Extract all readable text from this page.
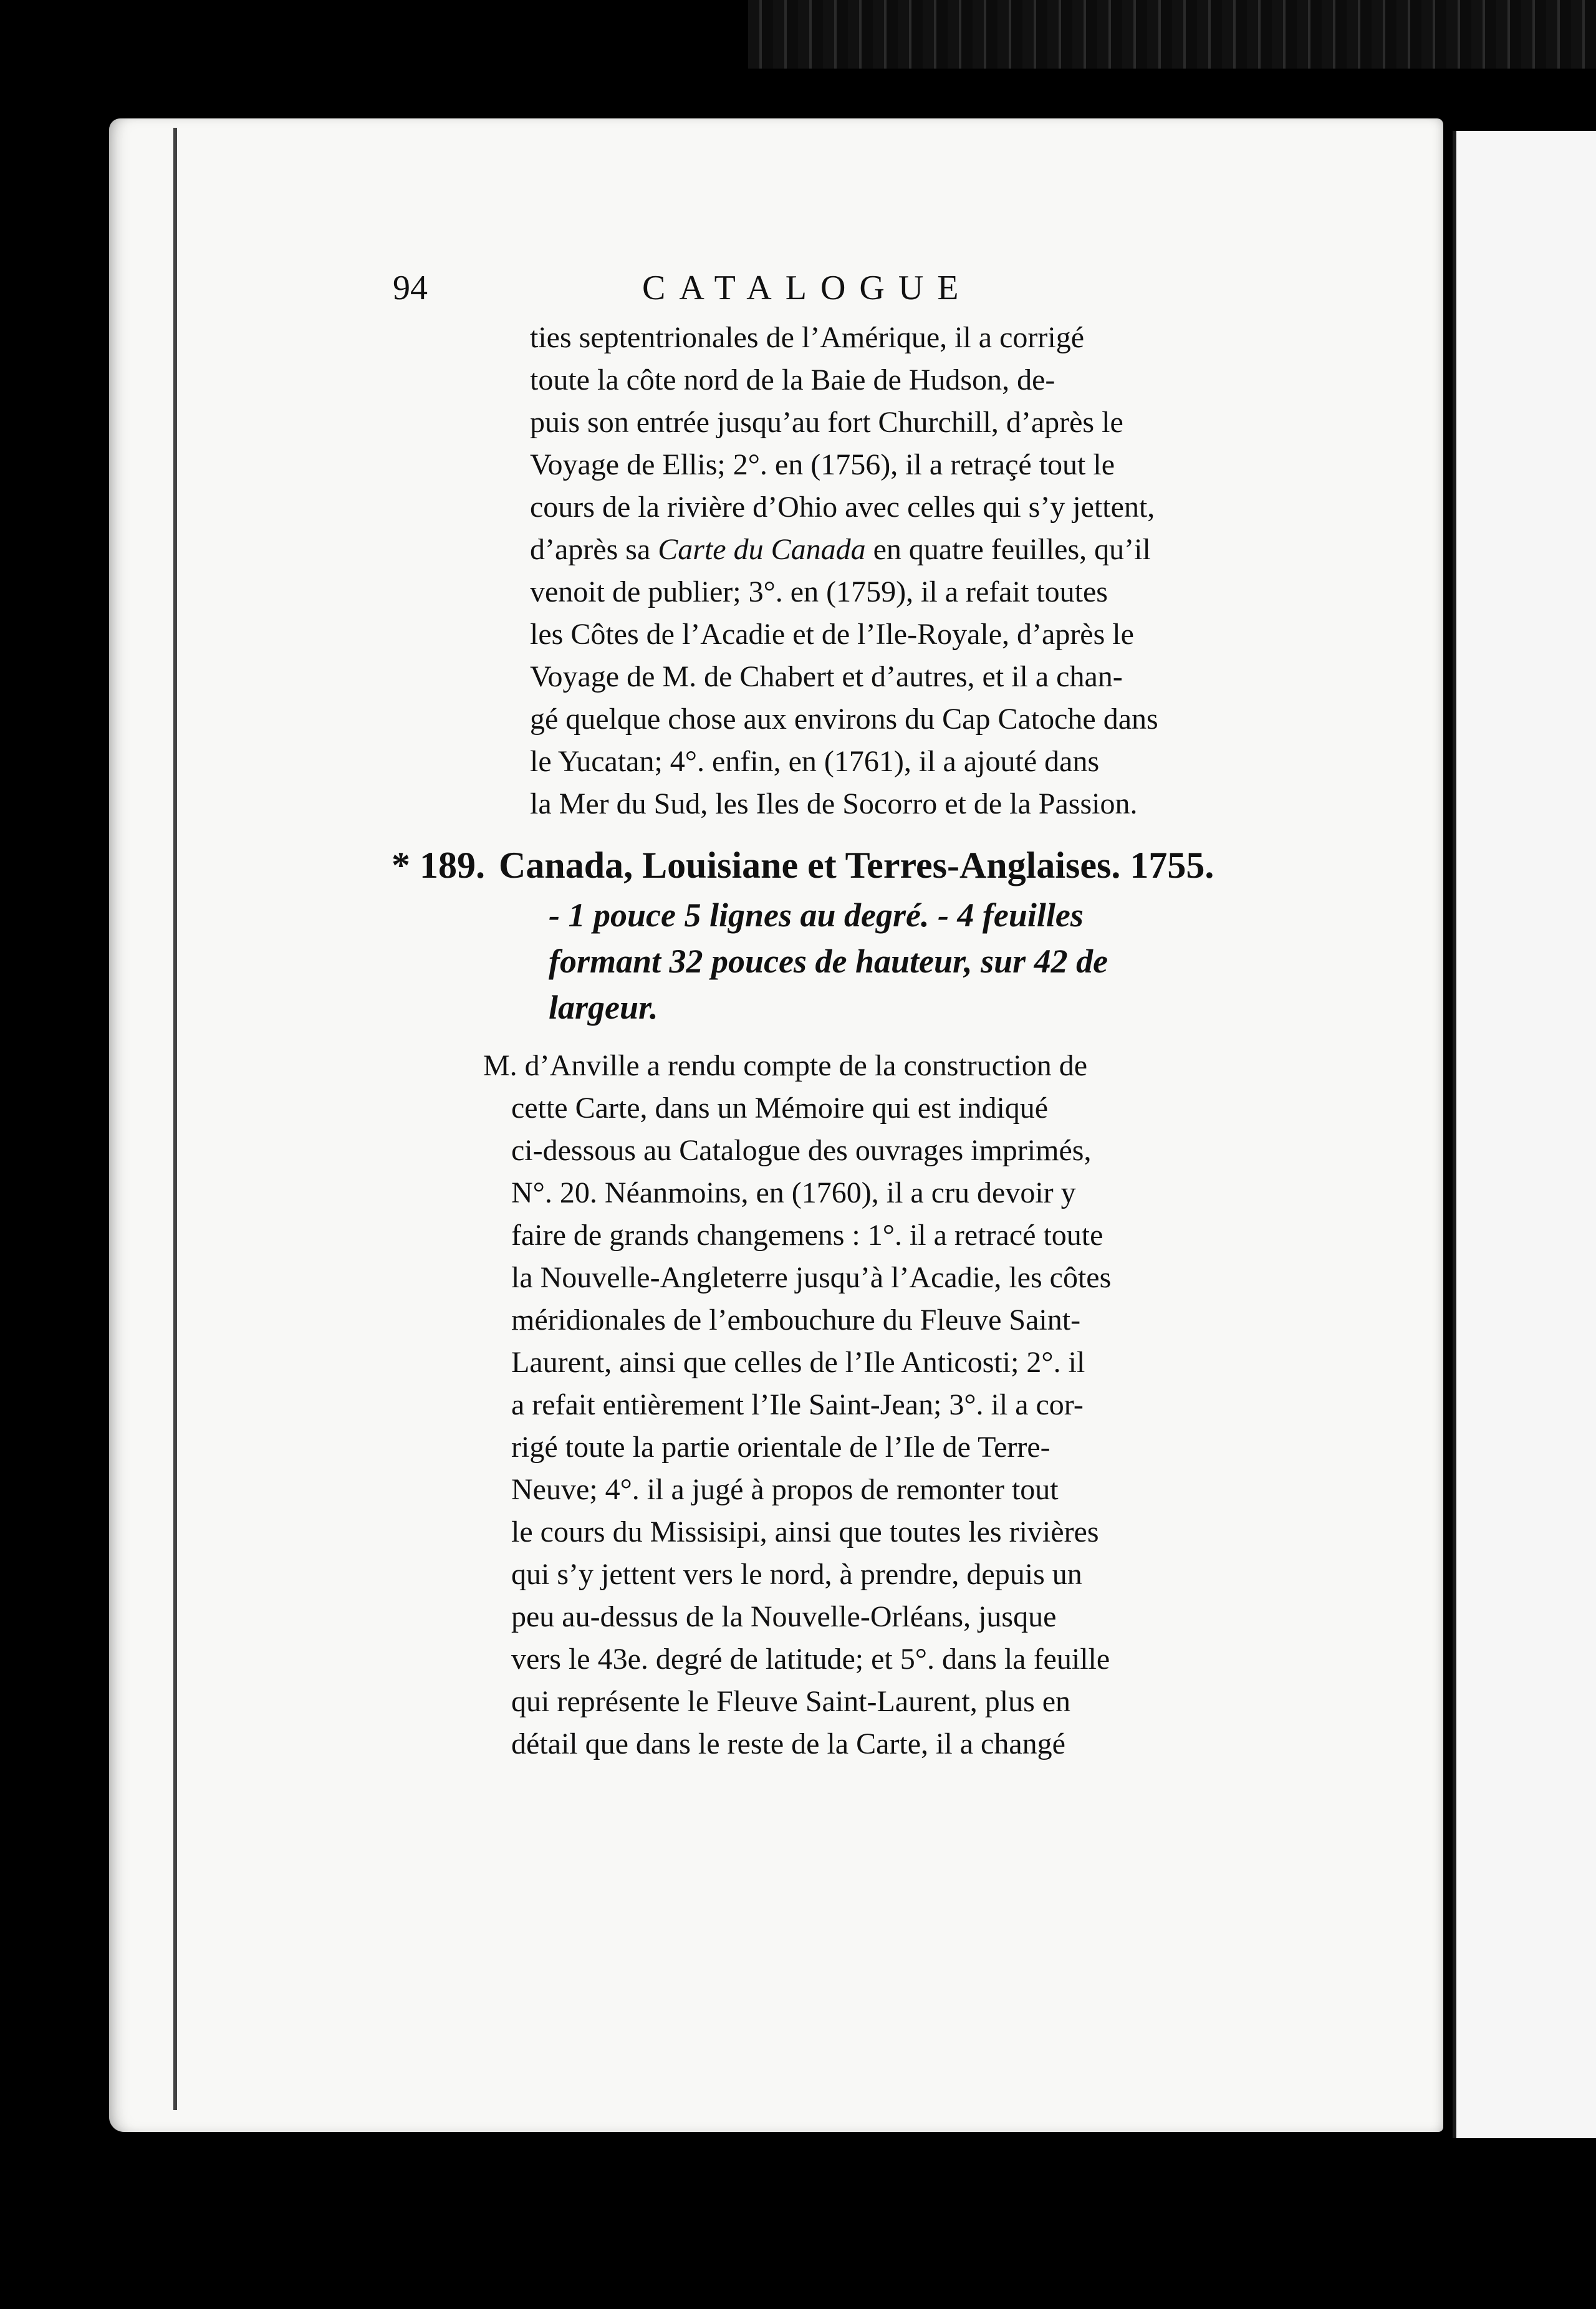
94	CATALOGUE
ties septentrionales de l’Amérique, il a corrigé
toute la côte nord de la Baie de Hudson, de-
puis son entrée jusqu’au fort Churchill, d’après le
Voyage de Ellis; 2°. en (1756), il a retraçé tout le
cours de la rivière d’Ohio avec celles qui s’y jettent,
d’après sa Carte du Canada en quatre feuilles, qu’il
venoit de publier; 3°. en (1759), il a refait toutes
les Côtes de l’Acadie et de l’Ile-Royale, d’après le
Voyage de M. de Chabert et d’autres, et il a chan-
gé quelque chose aux environs du Cap Catoche dans
le Yucatan; 4°. enfin, en (1761), il a ajouté dans
la Mer du Sud, les Iles de Socorro et de la Passion.
* 189. Canada, Louisiane et Terres-Anglaises. 1755.
- 1 pouce 5 lignes au degré. - 4 feuilles
formant 32 pouces de hauteur, sur 42 de
largeur.
M. d’Anville a rendu compte de la construction de
cette Carte, dans un Mémoire qui est indiqué
ci-dessous au Catalogue des ouvrages imprimés,
N°. 20. Néanmoins, en (1760), il a cru devoir y
faire de grands changemens : 1°. il a retracé toute
la Nouvelle-Angleterre jusqu’à l’Acadie, les côtes
méridionales de l’embouchure du Fleuve Saint-
Laurent, ainsi que celles de l’Ile Anticosti; 2°. il
a refait entièrement l’Ile Saint-Jean; 3°. il a cor-
rigé toute la partie orientale de l’Ile de Terre-
Neuve; 4°. il a jugé à propos de remonter tout
le cours du Missisipi, ainsi que toutes les rivières
qui s’y jettent vers le nord, à prendre, depuis un
peu au-dessus de la Nouvelle-Orléans, jusque
vers le 43e. degré de latitude; et 5°. dans la feuille
qui représente le Fleuve Saint-Laurent, plus en
détail que dans le reste de la Carte, il a changé
